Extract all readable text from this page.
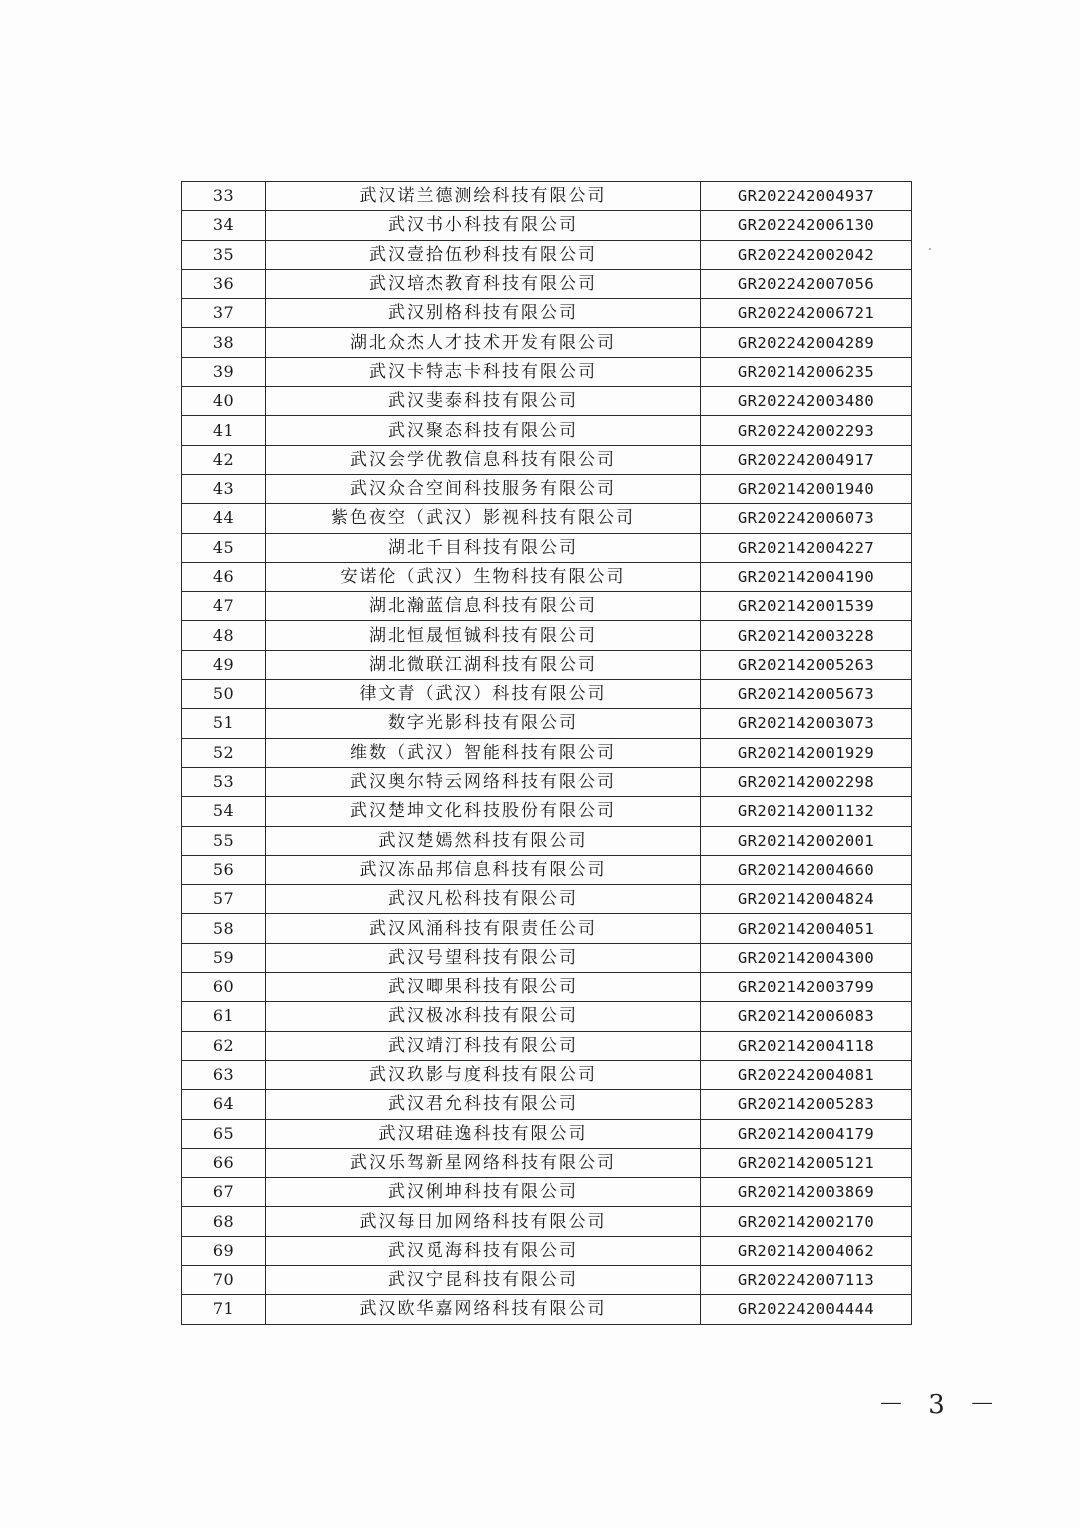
33	武汉诺兰德测绘科技有限公司	GR202242004937
34	武汉书小科技有限公司	GR202242006130
35	武汉壹拾伍秒科技有限公司	GR202242002042
36	武汉培杰教育科技有限公司	GR202242007056
37	武汉别格科技有限公司	GR202242006721
38	湖北众杰人才技术开发有限公司	GR202242004289
39	武汉卡特志卡科技有限公司	GR202142006235
40	武汉斐泰科技有限公司	GR202242003480
41	武汉聚态科技有限公司	GR202242002293
42	武汉会学优教信息科技有限公司	GR202242004917
43	武汉众合空间科技服务有限公司	GR202142001940
44	紫色夜空（武汉）影视科技有限公司	GR202242006073
45	湖北千目科技有限公司	GR202142004227
46	安诺伦（武汉）生物科技有限公司	GR202142004190
47	湖北瀚蓝信息科技有限公司	GR202142001539
48	湖北恒晟恒铖科技有限公司	GR202142003228
49	湖北微联江湖科技有限公司	GR202142005263
50	律文青（武汉）科技有限公司	GR202142005673
51	数字光影科技有限公司	GR202142003073
52	维数（武汉）智能科技有限公司	GR202142001929
53	武汉奥尔特云网络科技有限公司	GR202142002298
54	武汉楚坤文化科技股份有限公司	GR202142001132
55	武汉楚嫣然科技有限公司	GR202142002001
56	武汉冻品邦信息科技有限公司	GR202142004660
57	武汉凡松科技有限公司	GR202142004824
58	武汉风涌科技有限责任公司	GR202142004051
59	武汉号望科技有限公司	GR202142004300
60	武汉唧果科技有限公司	GR202142003799
61	武汉极冰科技有限公司	GR202142006083
62	武汉靖汀科技有限公司	GR202142004118
63	武汉玖影与度科技有限公司	GR202242004081
64	武汉君允科技有限公司	GR202142005283
65	武汉珺硅逸科技有限公司	GR202142004179
66	武汉乐驾新星网络科技有限公司	GR202142005121
67	武汉俐坤科技有限公司	GR202142003869
68	武汉每日加网络科技有限公司	GR202142002170
69	武汉觅海科技有限公司	GR202142004062
70	武汉宁昆科技有限公司	GR202242007113
71	武汉欧华嘉网络科技有限公司	GR202242004444
－ 3 －
